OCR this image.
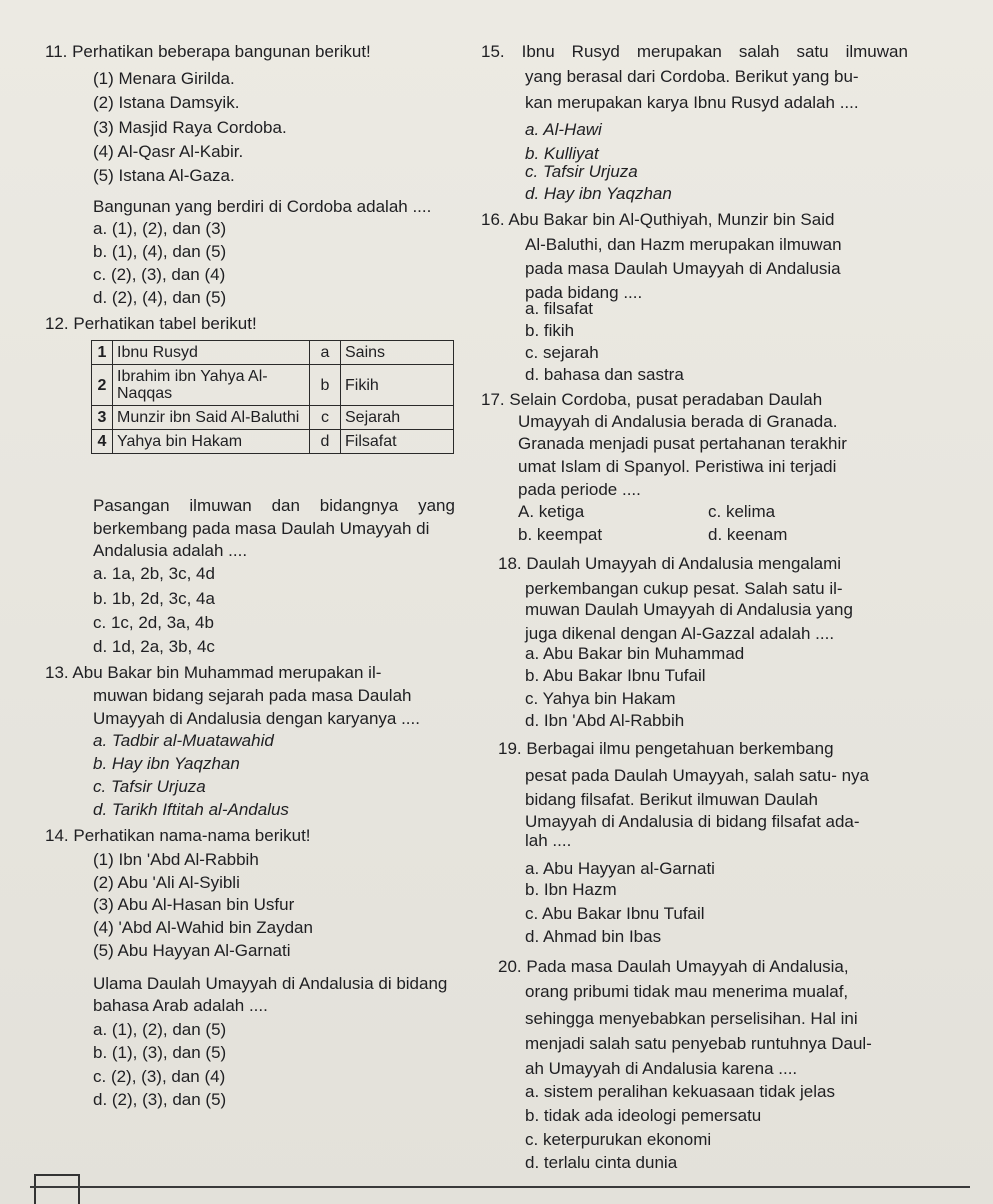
11. Perhatikan beberapa bangunan berikut!
(1) Menara Girilda.
(2) Istana Damsyik.
(3) Masjid Raya Cordoba.
(4) Al-Qasr Al-Kabir.
(5) Istana Al-Gaza.
Bangunan yang berdiri di Cordoba adalah ....
a. (1), (2), dan (3)
b. (1), (4), dan (5)
c. (2), (3), dan (4)
d. (2), (4), dan (5)
12. Perhatikan tabel berikut!
1	Ibnu Rusyd	a	Sains
2	Ibrahim ibn Yahya Al-Naqqas	b	Fikih
3	Munzir ibn Said Al-Baluthi	c	Sejarah
4	Yahya bin Hakam	d	Filsafat
Pasangan ilmuwan dan bidangnya yang
berkembang pada masa Daulah Umayyah di
Andalusia adalah ....
a. 1a, 2b, 3c, 4d
b. 1b, 2d, 3c, 4a
c. 1c, 2d, 3a, 4b
d. 1d, 2a, 3b, 4c
13. Abu Bakar bin Muhammad merupakan il-
muwan bidang sejarah pada masa Daulah
Umayyah di Andalusia dengan karyanya ....
a. Tadbir al-Muatawahid
b. Hay ibn Yaqzhan
c. Tafsir Urjuza
d. Tarikh Iftitah al-Andalus
14. Perhatikan nama-nama berikut!
(1) Ibn 'Abd Al-Rabbih
(2) Abu 'Ali Al-Syibli
(3) Abu Al-Hasan bin Usfur
(4) 'Abd Al-Wahid bin Zaydan
(5) Abu Hayyan Al-Garnati
Ulama Daulah Umayyah di Andalusia di bidang
bahasa Arab adalah ....
a. (1), (2), dan (5)
b. (1), (3), dan (5)
c. (2), (3), dan (4)
d. (2), (3), dan (5)
15. Ibnu Rusyd merupakan salah satu ilmuwan
yang berasal dari Cordoba. Berikut yang bu-
kan merupakan karya Ibnu Rusyd adalah ....
a. Al-Hawi
b. Kulliyat
c. Tafsir Urjuza
d. Hay ibn Yaqzhan
16. Abu Bakar bin Al-Quthiyah, Munzir bin Said
Al-Baluthi, dan Hazm merupakan ilmuwan
pada masa Daulah Umayyah di Andalusia
pada bidang ....
a. filsafat
b. fikih
c. sejarah
d. bahasa dan sastra
17. Selain Cordoba, pusat peradaban Daulah
Umayyah di Andalusia berada di Granada.
Granada menjadi pusat pertahanan terakhir
umat Islam di Spanyol. Peristiwa ini terjadi
pada periode ....
A. ketiga	c. kelima
b. keempat	d. keenam
18. Daulah Umayyah di Andalusia mengalami
perkembangan cukup pesat. Salah satu il-
muwan Daulah Umayyah di Andalusia yang
juga dikenal dengan Al-Gazzal adalah ....
a. Abu Bakar bin Muhammad
b. Abu Bakar Ibnu Tufail
c. Yahya bin Hakam
d. Ibn 'Abd Al-Rabbih
19. Berbagai ilmu pengetahuan berkembang
pesat pada Daulah Umayyah, salah satu- nya
bidang filsafat. Berikut ilmuwan Daulah
Umayyah di Andalusia di bidang filsafat ada-
lah ....
a. Abu Hayyan al-Garnati
b. Ibn Hazm
c. Abu Bakar Ibnu Tufail
d. Ahmad bin Ibas
20. Pada masa Daulah Umayyah di Andalusia,
orang pribumi tidak mau menerima mualaf,
sehingga menyebabkan perselisihan. Hal ini
menjadi salah satu penyebab runtuhnya Daul-
ah Umayyah di Andalusia karena ....
a. sistem peralihan kekuasaan tidak jelas
b. tidak ada ideologi pemersatu
c. keterpurukan ekonomi
d. terlalu cinta dunia
